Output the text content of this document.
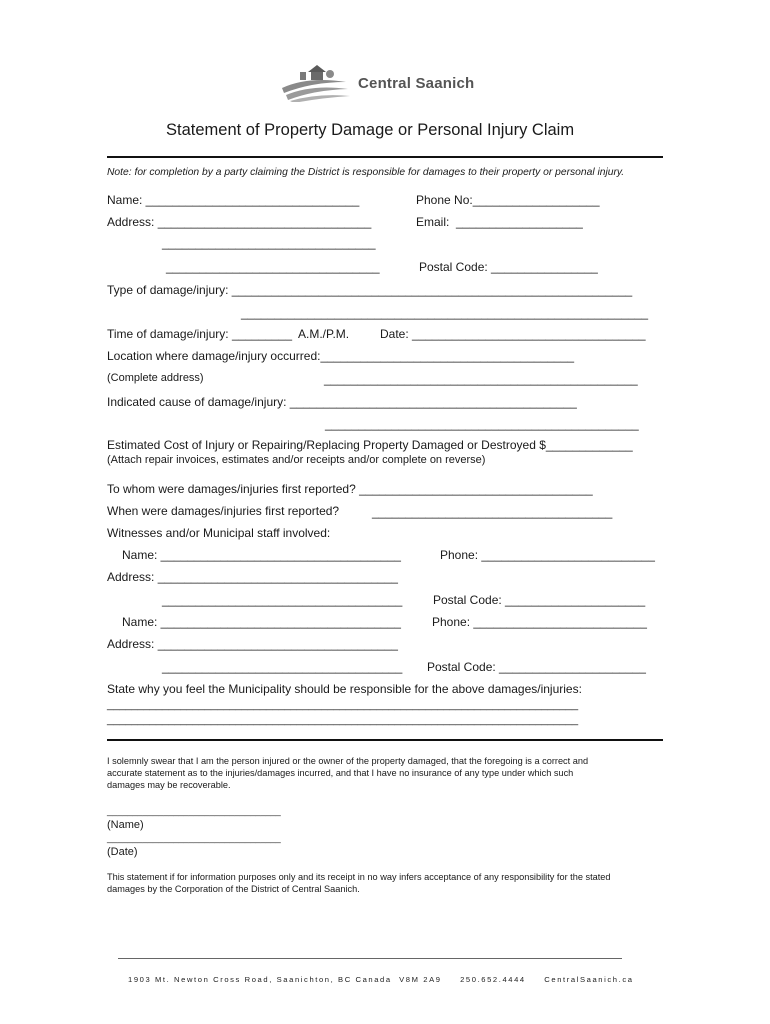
Central Saanich

Statement of Property Damage or Personal Injury Claim
Note: for completion by a party claiming the District is responsible for damages to their property or personal injury.
Name: ________________________________	Phone No:___________________
Address: ________________________________	Email:  ___________________
________________________________
________________________________	Postal Code: ________________
Type of damage/injury: ____________________________________________________________
_____________________________________________________________
Time of damage/injury: _________  A.M./P.M.	Date: ___________________________________
Location where damage/injury occurred:______________________________________
(Complete address)	_______________________________________________
Indicated cause of damage/injury: ___________________________________________
_______________________________________________
Estimated Cost of Injury or Repairing/Replacing Property Damaged or Destroyed $_____________
(Attach repair invoices, estimates and/or receipts and/or complete on reverse)
To whom were damages/injuries first reported? ___________________________________
When were damages/injuries first reported?	____________________________________
Witnesses and/or Municipal staff involved:
Name: ____________________________________	Phone: __________________________
Address: ____________________________________
____________________________________	Postal Code: _____________________
Name: ____________________________________	Phone: __________________________
Address: ____________________________________
____________________________________ Postal Code: ______________________
State why you feel the Municipality should be responsible for the above damages/injuries:
_____________________________________________________________________________
_____________________________________________________________________________
I solemnly swear that I am the person injured or the owner of the property damaged, that the foregoing is a correct and
accurate statement as to the injuries/damages incurred, and that I have no insurance of any type under which such
damages may be recoverable.
__________________________________
(Name)
__________________________________
(Date)
This statement if for information purposes only and its receipt in no way infers acceptance of any responsibility for the stated
damages by the Corporation of the District of Central Saanich.
1903 Mt. Newton Cross Road, Saanichton, BC Canada  V8M 2A9     250.652.4444     CentralSaanich.ca
